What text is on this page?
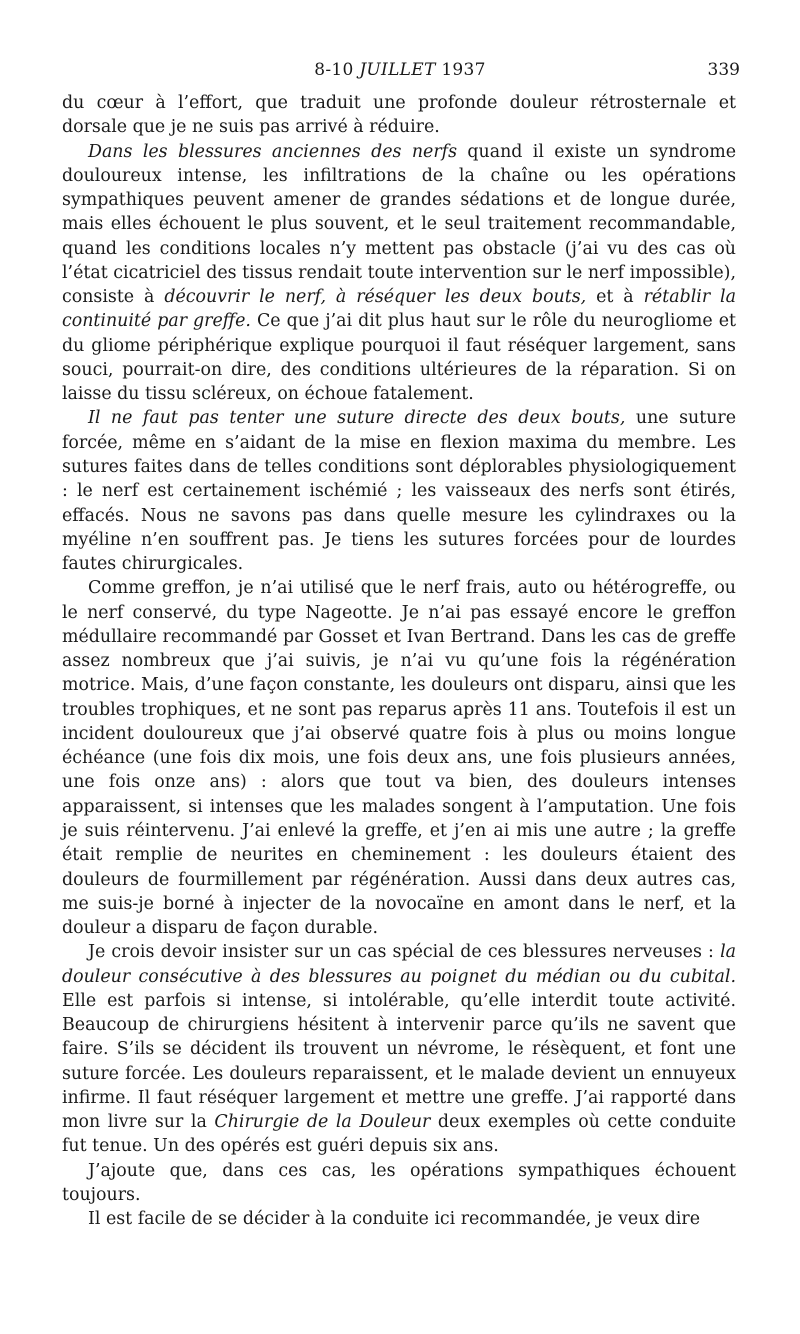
8-10 JUILLET 1937	339

du cœur à l’effort, que traduit une profonde douleur rétrosternale et dorsale que je ne suis pas arrivé à réduire.

Dans les blessures anciennes des nerfs quand il existe un syndrome douloureux intense, les infiltrations de la chaîne ou les opérations sympathiques peuvent amener de grandes sédations et de longue durée, mais elles échouent le plus souvent, et le seul traitement recommandable, quand les conditions locales n’y mettent pas obstacle (j’ai vu des cas où l’état cicatriciel des tissus rendait toute intervention sur le nerf impossible), consiste à découvrir le nerf, à réséquer les deux bouts, et à rétablir la continuité par greffe. Ce que j’ai dit plus haut sur le rôle du neurogliome et du gliome périphérique explique pourquoi il faut réséquer largement, sans souci, pourrait-on dire, des conditions ultérieures de la réparation. Si on laisse du tissu scléreux, on échoue fatalement.

Il ne faut pas tenter une suture directe des deux bouts, une suture forcée, même en s’aidant de la mise en flexion maxima du membre. Les sutures faites dans de telles conditions sont déplorables physiologiquement : le nerf est certainement ischémié ; les vaisseaux des nerfs sont étirés, effacés. Nous ne savons pas dans quelle mesure les cylindraxes ou la myéline n’en souffrent pas. Je tiens les sutures forcées pour de lourdes fautes chirurgicales.

Comme greffon, je n’ai utilisé que le nerf frais, auto ou hétérogreffe, ou le nerf conservé, du type Nageotte. Je n’ai pas essayé encore le greffon médullaire recommandé par Gosset et Ivan Bertrand. Dans les cas de greffe assez nombreux que j’ai suivis, je n’ai vu qu’une fois la régénération motrice. Mais, d’une façon constante, les douleurs ont disparu, ainsi que les troubles trophiques, et ne sont pas reparus après 11 ans. Toutefois il est un incident douloureux que j’ai observé quatre fois à plus ou moins longue échéance (une fois dix mois, une fois deux ans, une fois plusieurs années, une fois onze ans) : alors que tout va bien, des douleurs intenses apparaissent, si intenses que les malades songent à l’amputation. Une fois je suis réintervenu. J’ai enlevé la greffe, et j’en ai mis une autre ; la greffe était remplie de neurites en cheminement : les douleurs étaient des douleurs de fourmillement par régénération. Aussi dans deux autres cas, me suis-je borné à injecter de la novocaïne en amont dans le nerf, et la douleur a disparu de façon durable.

Je crois devoir insister sur un cas spécial de ces blessures nerveuses : la douleur consécutive à des blessures au poignet du médian ou du cubital. Elle est parfois si intense, si intolérable, qu’elle interdit toute activité. Beaucoup de chirurgiens hésitent à intervenir parce qu’ils ne savent que faire. S’ils se décident ils trouvent un névrome, le résèquent, et font une suture forcée. Les douleurs reparaissent, et le malade devient un ennuyeux infirme. Il faut réséquer largement et mettre une greffe. J’ai rapporté dans mon livre sur la Chirurgie de la Douleur deux exemples où cette conduite fut tenue. Un des opérés est guéri depuis six ans.

J’ajoute que, dans ces cas, les opérations sympathiques échouent toujours.

Il est facile de se décider à la conduite ici recommandée, je veux dire
